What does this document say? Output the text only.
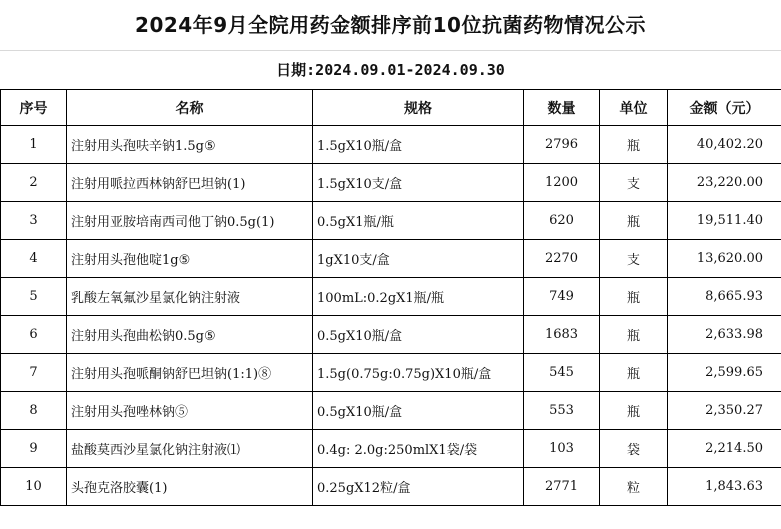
2024年9月全院用药金额排序前10位抗菌药物情况公示
日期:2024.09.01-2024.09.30
序号	名称	规格	数量	单位	金额（元）
1	注射用头孢呋辛钠1.5g⑤	1.5gX10瓶/盒	2796	瓶	40,402.20
2	注射用哌拉西林钠舒巴坦钠(1)	1.5gX10支/盒	1200	支	23,220.00
3	注射用亚胺培南西司他丁钠0.5g(1)	0.5gX1瓶/瓶	620	瓶	19,511.40
4	注射用头孢他啶1g⑤	1gX10支/盒	2270	支	13,620.00
5	乳酸左氧氟沙星氯化钠注射液	100mL:0.2gX1瓶/瓶	749	瓶	8,665.93
6	注射用头孢曲松钠0.5g⑤	0.5gX10瓶/盒	1683	瓶	2,633.98
7	注射用头孢哌酮钠舒巴坦钠(1:1)⑧	1.5g(0.75g:0.75g)X10瓶/盒	545	瓶	2,599.65
8	注射用头孢唑林钠⑤	0.5gX10瓶/盒	553	瓶	2,350.27
9	盐酸莫西沙星氯化钠注射液⑴	0.4g: 2.0g:250mlX1袋/袋	103	袋	2,214.50
10	头孢克洛胶囊(1)	0.25gX12粒/盒	2771	粒	1,843.63
